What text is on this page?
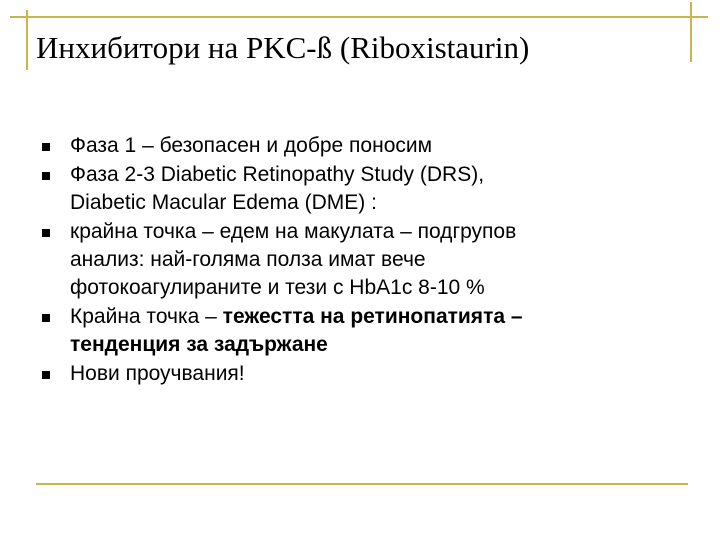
Инхибитори на PKC-ß (Riboxistaurin)
Фаза 1 – безопасен и добре поносим
Фаза 2-3 Diabetic Retinopathy Study (DRS),
Diabetic Macular Edema (DME) :
крайна точка – едем на макулата – подгрупов
анализ: най-голяма полза имат вече
фотокоагулираните и тези с HbA1c 8-10 %
Крайна точка – тежестта на ретинопатията –
тенденция за задържане
Нови проучвания!
